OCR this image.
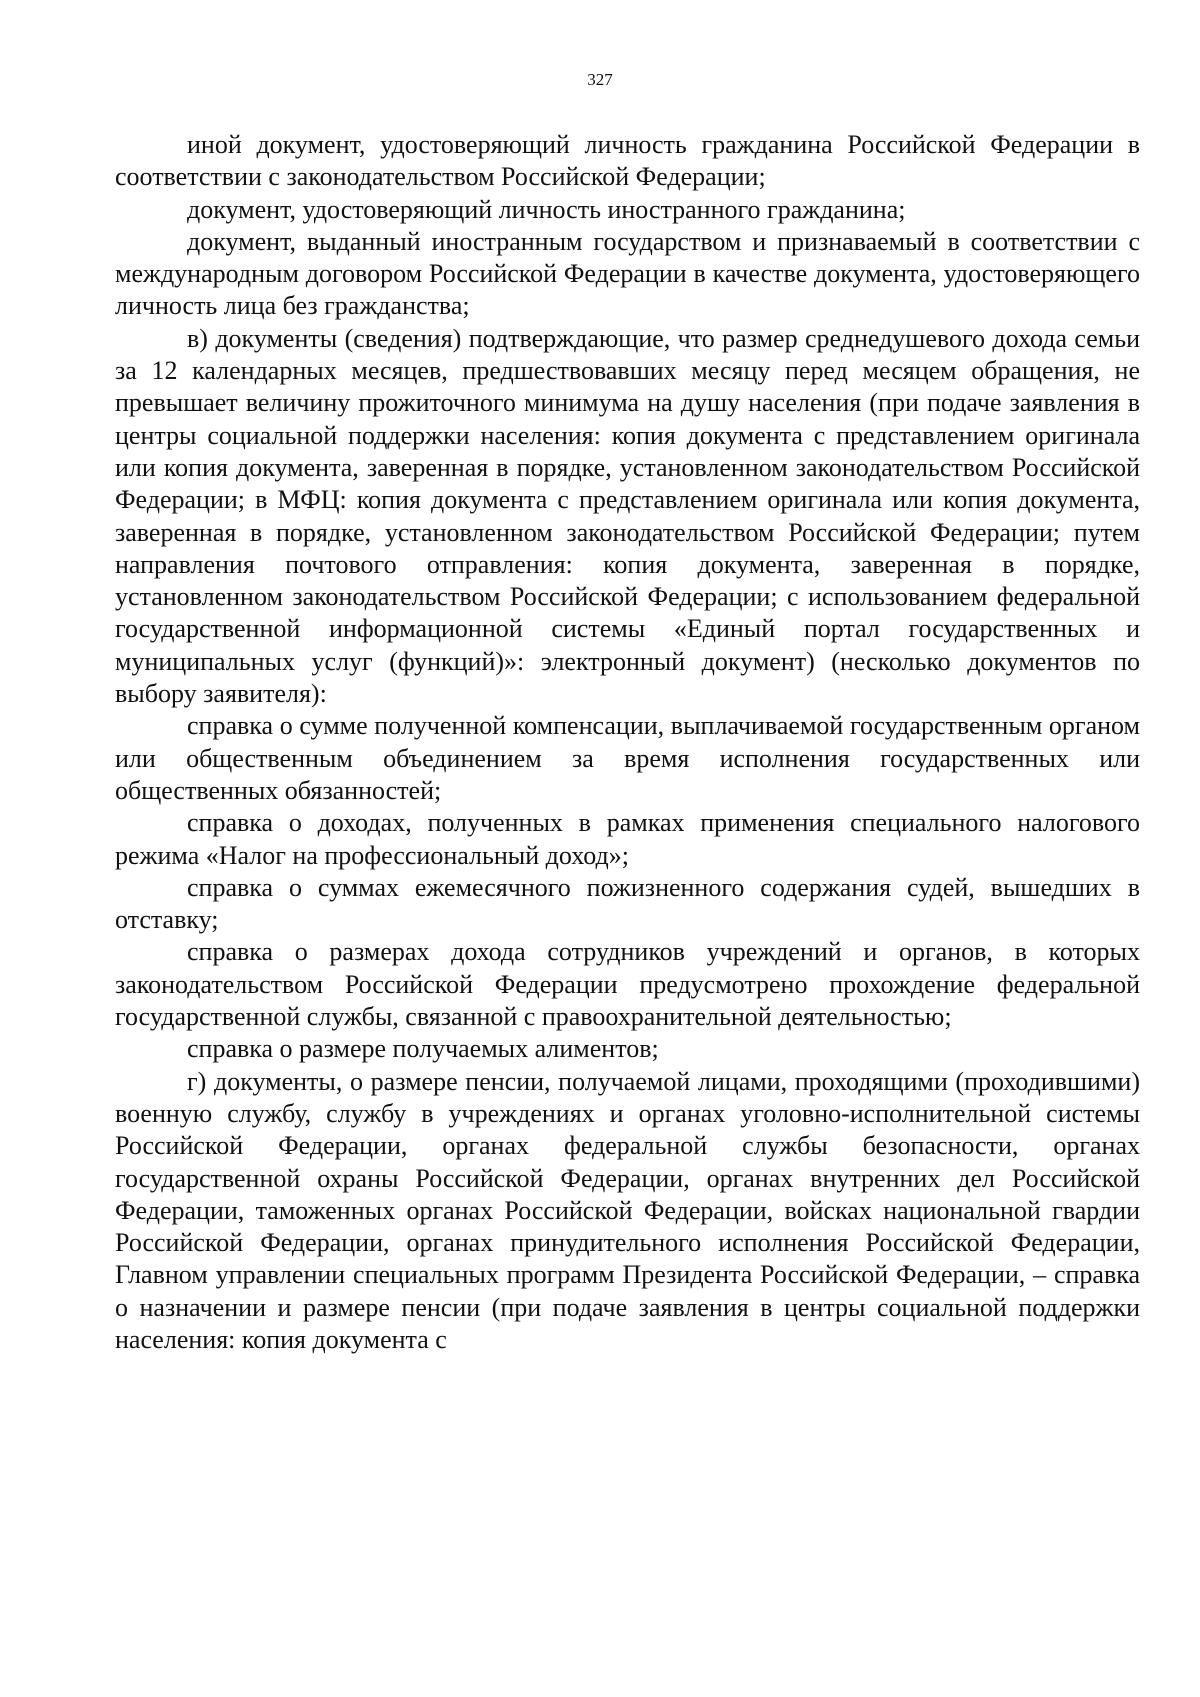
327

иной документ, удостоверяющий личность гражданина Российской Федерации в соответствии с законодательством Российской Федерации;

документ, удостоверяющий личность иностранного гражданина;

документ, выданный иностранным государством и признаваемый в соответствии с международным договором Российской Федерации в качестве документа, удостоверяющего личность лица без гражданства;

в) документы (сведения) подтверждающие, что размер среднедушевого дохода семьи за 12 календарных месяцев, предшествовавших месяцу перед месяцем обращения, не превышает величину прожиточного минимума на душу населения (при подаче заявления в центры социальной поддержки населения: копия документа с представлением оригинала или копия документа, заверенная в порядке, установленном законодательством Российской Федерации; в МФЦ: копия документа с представлением оригинала или копия документа, заверенная в порядке, установленном законодательством Российской Федерации; путем направления почтового отправления: копия документа, заверенная в порядке, установленном законодательством Российской Федерации; с использованием федеральной государственной информационной системы «Единый портал государственных и муниципальных услуг (функций)»: электронный документ) (несколько документов по выбору заявителя):

справка о сумме полученной компенсации, выплачиваемой государственным органом или общественным объединением за время исполнения государственных или общественных обязанностей;

справка о доходах, полученных в рамках применения специального налогового режима «Налог на профессиональный доход»;

справка о суммах ежемесячного пожизненного содержания судей, вышедших в отставку;

справка о размерах дохода сотрудников учреждений и органов, в которых законодательством Российской Федерации предусмотрено прохождение федеральной государственной службы, связанной с правоохранительной деятельностью;

справка о размере получаемых алиментов;

г) документы, о размере пенсии, получаемой лицами, проходящими (проходившими) военную службу, службу в учреждениях и органах уголовно-исполнительной системы Российской Федерации, органах федеральной службы безопасности, органах государственной охраны Российской Федерации, органах внутренних дел Российской Федерации, таможенных органах Российской Федерации, войсках национальной гвардии Российской Федерации, органах принудительного исполнения Российской Федерации, Главном управлении специальных программ Президента Российской Федерации, – справка о назначении и размере пенсии (при подаче заявления в центры социальной поддержки населения: копия документа с
